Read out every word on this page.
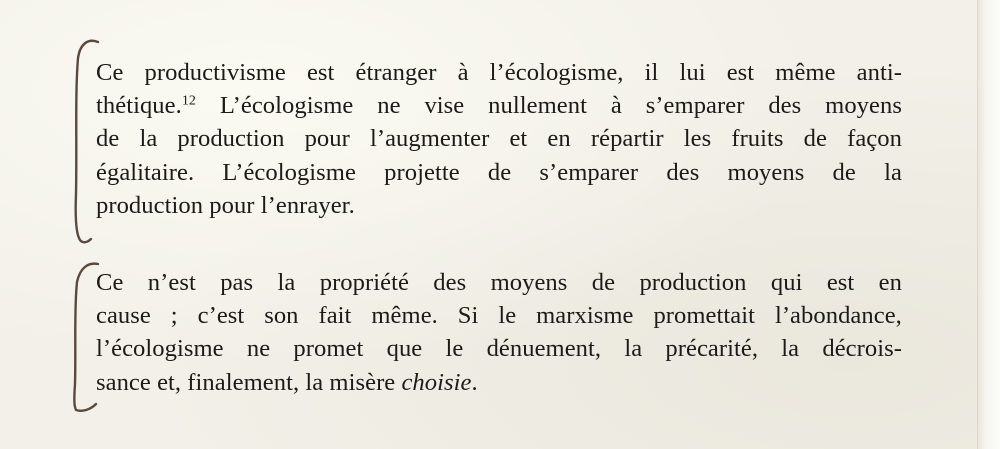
Ce productivisme est étranger à l’écologisme, il lui est même anti-
thétique.$^{12}$ L’écologisme ne vise nullement à s’emparer des moyens
de la production pour l’augmenter et en répartir les fruits de façon
égalitaire. L’écologisme projette de s’emparer des moyens de la
production pour l’enrayer.
Ce n’est pas la propriété des moyens de production qui est en
cause ; c’est son fait même. Si le marxisme promettait l’abondance,
l’écologisme ne promet que le dénuement, la précarité, la décrois-
sance et, finalement, la misère choisie.
